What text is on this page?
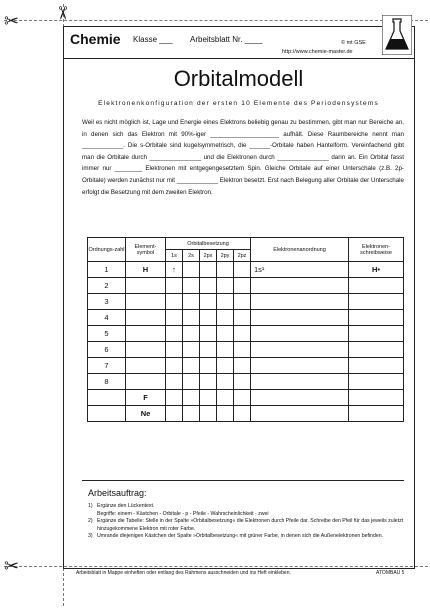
✂
✂
✂
Chemie Klasse ___ Arbeitsblatt Nr. ____	© mt GSE
http://www.chemie-master.de
Orbitalmodell
Elektronenkonfiguration der ersten 10 Elemente des Periodensystems
Weil es nicht möglich ist, Lage und Energie eines Elektrons beliebig genau zu bestimmen, gibt man nur Bereiche an, in denen sich das Elektron mit 90%-iger ____________________ aufhält. Diese Raumbereiche nennt man ____________. Die s-Orbitale sind kugelsymmetrisch, die ______-Orbitale haben Hantelform. Vereinfachend gibt man die Orbitale durch _______________ und die Elektronen durch _______________ darin an. Ein Orbital fasst immer nur ________ Elektronen mit entgegengesetztem Spin. Gleiche Orbitale auf einer Unterschale (z.B. 2p-Orbitale) werden zunächst nur mit ____________ Elektron besetzt. Erst nach Belegung aller Orbitale der Unterschale erfolgt die Besetzung mit dem zweiten Elektron.
Ordnungs-zahl	Element-symbol	Orbitalbesetzung					Elektronenanordnung	Elektronen-schreibweise
		1s	2s	2px	2py	2pz		
1	H	↑					1s¹	H•
2								
3								
4								
5								
6								
7								
8								
	F							
	Ne							
Arbeitsauftrag:
1) Ergänze den Lückentext.
Begriffe: einem - Kästchen - Orbitale - p - Pfeile - Wahrscheinlichkeit - zwei
2) Ergänze die Tabelle: Stelle in der Spalte »Orbitalbesetzung« die Elektronen durch Pfeile dar. Schreibe den Pfeil für das jeweils zuletzt hinzugekommene Elektron mit roter Farbe.
3) Umrande diejenigen Kästchen der Spalte »Orbitalbesetzung« mit grüner Farbe, in denen sich die Außenelektronen befinden.
Arbeitsblatt in Mappe einheften oder entlang des Rahmens ausschneiden und ins Heft einkleben.	ATOMBAU 5
